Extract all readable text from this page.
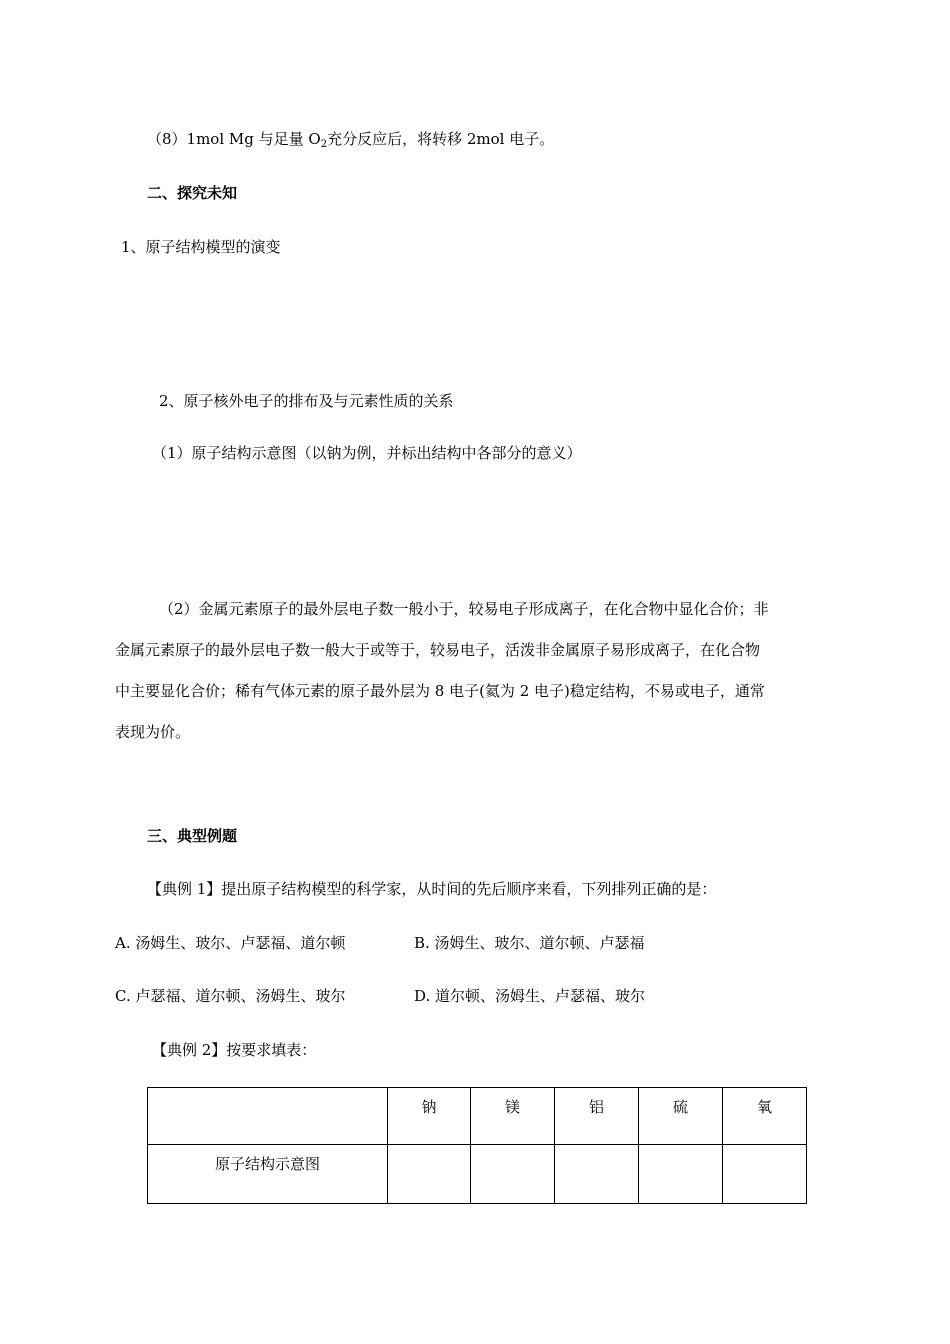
（8）1mol Mg 与足量 $O_2$充分反应后，将转移 2mol 电子。
二、探究未知
1、原子结构模型的演变
2、原子核外电子的排布及与元素性质的关系
（1）原子结构示意图（以钠为例，并标出结构中各部分的意义）
（2）金属元素原子的最外层电子数一般小于，较易电子形成离子，在化合物中显化合价；非
金属元素原子的最外层电子数一般大于或等于，较易电子，活泼非金属原子易形成离子，在化合物
中主要显化合价；稀有气体元素的原子最外层为 8 电子(氦为 2 电子)稳定结构，不易或电子，通常
表现为价。
三、典型例题
【典例 1】提出原子结构模型的科学家，从时间的先后顺序来看，下列排列正确的是：
A. 汤姆生、玻尔、卢瑟福、道尔顿	B. 汤姆生、玻尔、道尔顿、卢瑟福
C. 卢瑟福、道尔顿、汤姆生、玻尔	D. 道尔顿、汤姆生、卢瑟福、玻尔
【典例 2】按要求填表：
	钠	镁	铝	硫	氧
原子结构示意图					
